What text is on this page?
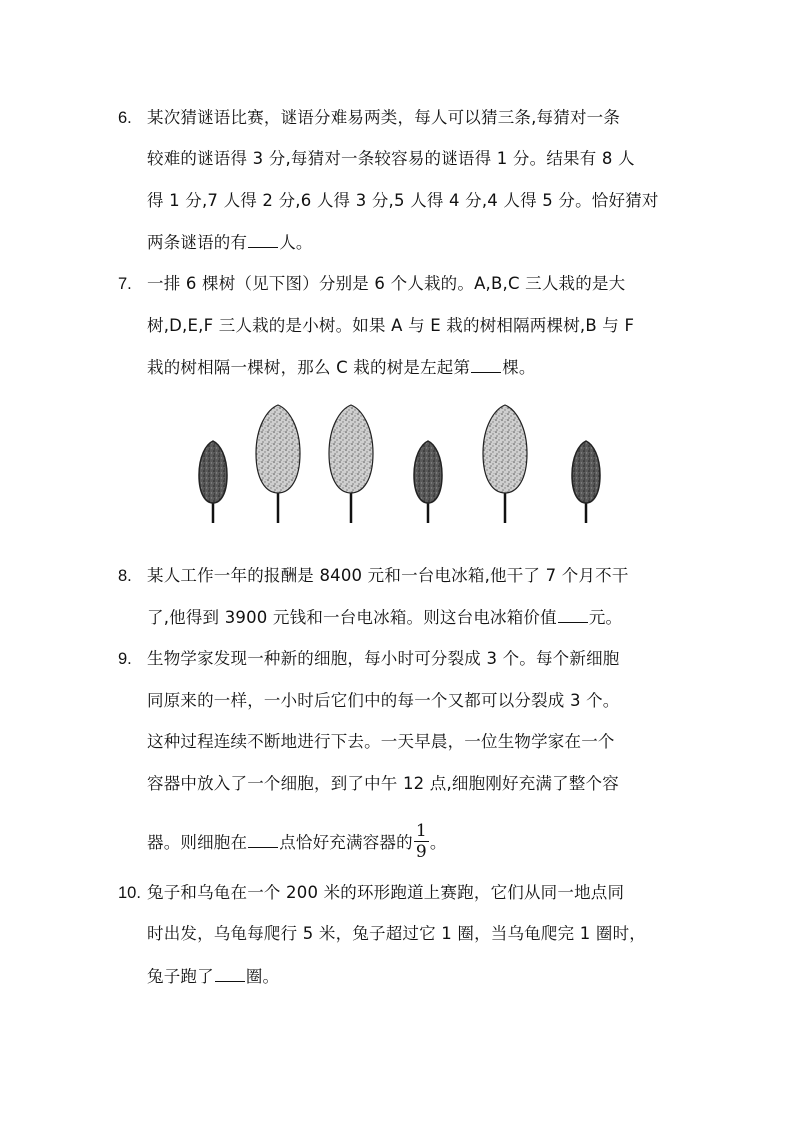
6. 某次猜谜语比赛，谜语分难易两类，每人可以猜三条,每猜对一条
较难的谜语得 3 分,每猜对一条较容易的谜语得 1 分。结果有 8 人
得 1 分,7 人得 2 分,6 人得 3 分,5 人得 4 分,4 人得 5 分。恰好猜对
两条谜语的有 人。
7. 一排 6 棵树（见下图）分别是 6 个人栽的。A,B,C 三人栽的是大
树,D,E,F 三人栽的是小树。如果 A 与 E 栽的树相隔两棵树,B 与 F
栽的树相隔一棵树，那么 C 栽的树是左起第 棵。
8. 某人工作一年的报酬是 8400 元和一台电冰箱,他干了 7 个月不干
了,他得到 3900 元钱和一台电冰箱。则这台电冰箱价值 元。
9. 生物学家发现一种新的细胞，每小时可分裂成 3 个。每个新细胞
同原来的一样，一小时后它们中的每一个又都可以分裂成 3 个。
这种过程连续不断地进行下去。一天早晨，一位生物学家在一个
容器中放入了一个细胞，到了中午 12 点,细胞刚好充满了整个容
器。则细胞在 点恰好充满容器的 $\frac{1}{9}$ 。
10. 兔子和乌龟在一个 200 米的环形跑道上赛跑，它们从同一地点同
时出发，乌龟每爬行 5 米，兔子超过它 1 圈，当乌龟爬完 1 圈时，
兔子跑了 圈。
